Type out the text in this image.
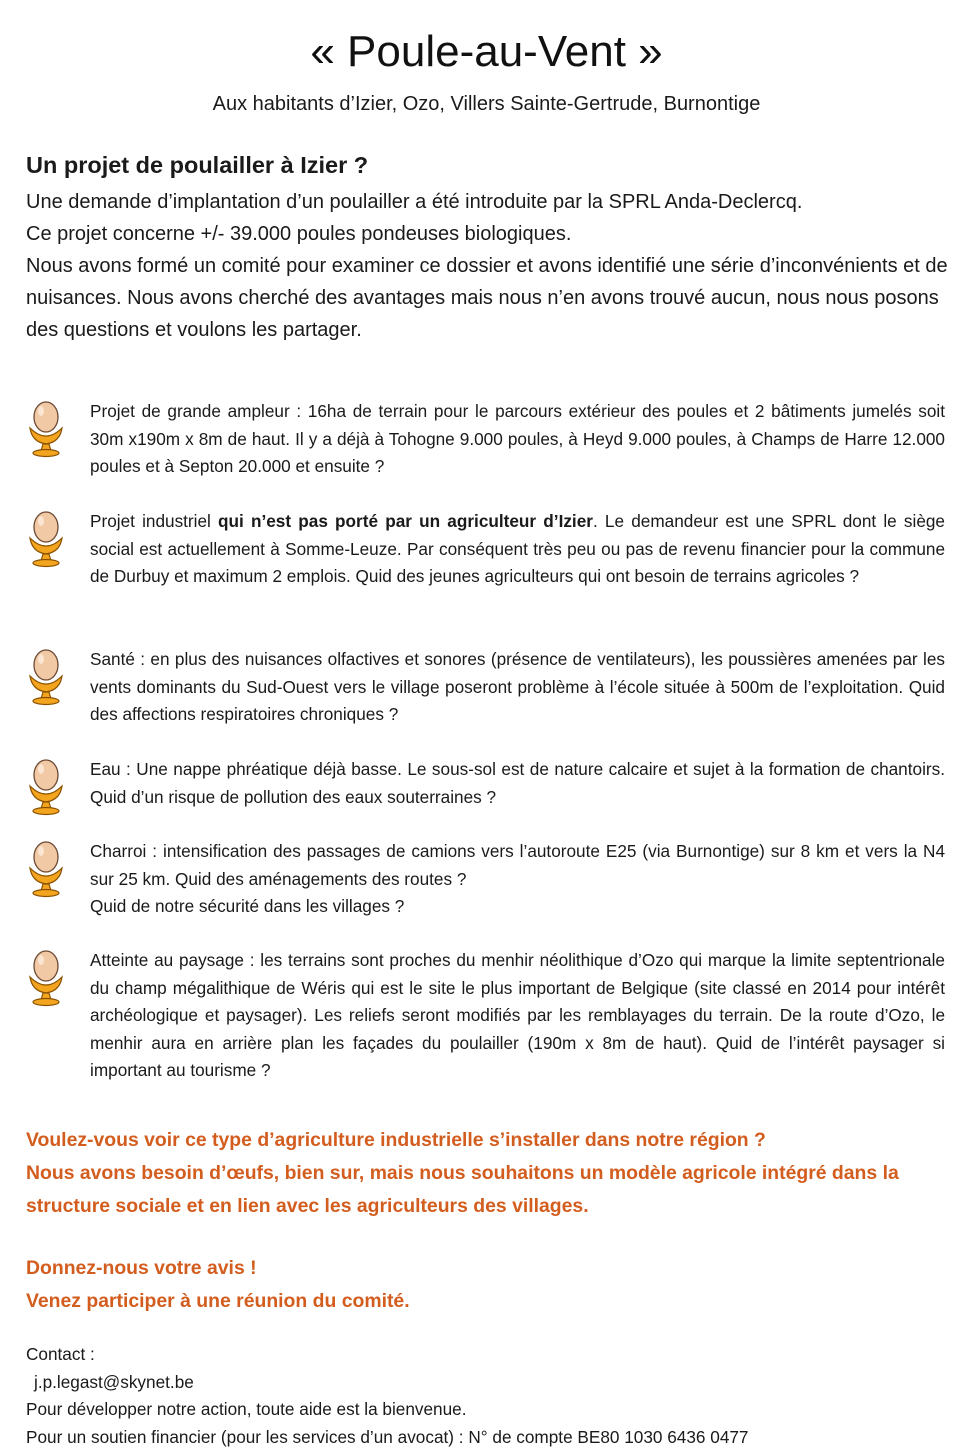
« Poule-au-Vent »
Aux habitants d’Izier, Ozo, Villers Sainte-Gertrude, Burnontige
Un projet de poulailler à Izier ?

Une demande d’implantation d’un poulailler a été introduite par la SPRL Anda-Declercq.

Ce projet concerne +/- 39.000 poules pondeuses biologiques.

Nous avons formé un comité pour examiner ce dossier et avons identifié une série d’inconvénients et de nuisances. Nous avons cherché des avantages mais nous n’en avons trouvé aucun, nous nous posons des questions et voulons les partager.

Projet de grande ampleur : 16ha de terrain pour le parcours extérieur des poules et 2 bâtiments jumelés soit 30m x190m x 8m de haut. Il y a déjà à Tohogne 9.000 poules, à Heyd 9.000 poules, à Champs de Harre 12.000 poules et à Septon 20.000 et ensuite ?

Projet industriel qui n’est pas porté par un agriculteur d’Izier. Le demandeur est une SPRL dont le siège social est actuellement à Somme-Leuze. Par conséquent très peu ou pas de revenu financier pour la commune de Durbuy et maximum 2 emplois. Quid des jeunes agriculteurs qui ont besoin de terrains agricoles ?

Santé : en plus des nuisances olfactives et sonores (présence de ventilateurs), les poussières amenées par les vents dominants du Sud-Ouest vers le village poseront problème à l’école située à 500m de l’exploitation. Quid des affections respiratoires chroniques ?

Eau : Une nappe phréatique déjà basse. Le sous-sol est de nature calcaire et sujet à la formation de chantoirs. Quid d’un risque de pollution des eaux souterraines ?

Charroi : intensification des passages de camions vers l’autoroute E25 (via Burnontige) sur 8 km et vers la N4 sur 25 km. Quid des aménagements des routes ?
Quid de notre sécurité dans les villages ?

Atteinte au paysage : les terrains sont proches du menhir néolithique d’Ozo qui marque la limite septentrionale du champ mégalithique de Wéris qui est le site le plus important de Belgique (site classé en 2014 pour intérêt archéologique et paysager). Les reliefs seront modifiés par les remblayages du terrain. De la route d’Ozo, le menhir aura en arrière plan les façades du poulailler (190m x 8m de haut). Quid de l’intérêt paysager si important au tourisme ?

Voulez-vous voir ce type d’agriculture industrielle s’installer dans notre région ?
Nous avons besoin d’œufs, bien sur, mais nous souhaitons un modèle agricole intégré dans la structure sociale et en lien avec les agriculteurs des villages.
Donnez-nous votre avis !
Venez participer à une réunion du comité.
Contact :
j.p.legast@skynet.be
Pour développer notre action, toute aide est la bienvenue.
Pour un soutien financier (pour les services d’un avocat) : N° de compte BE80 1030 6436 0477
